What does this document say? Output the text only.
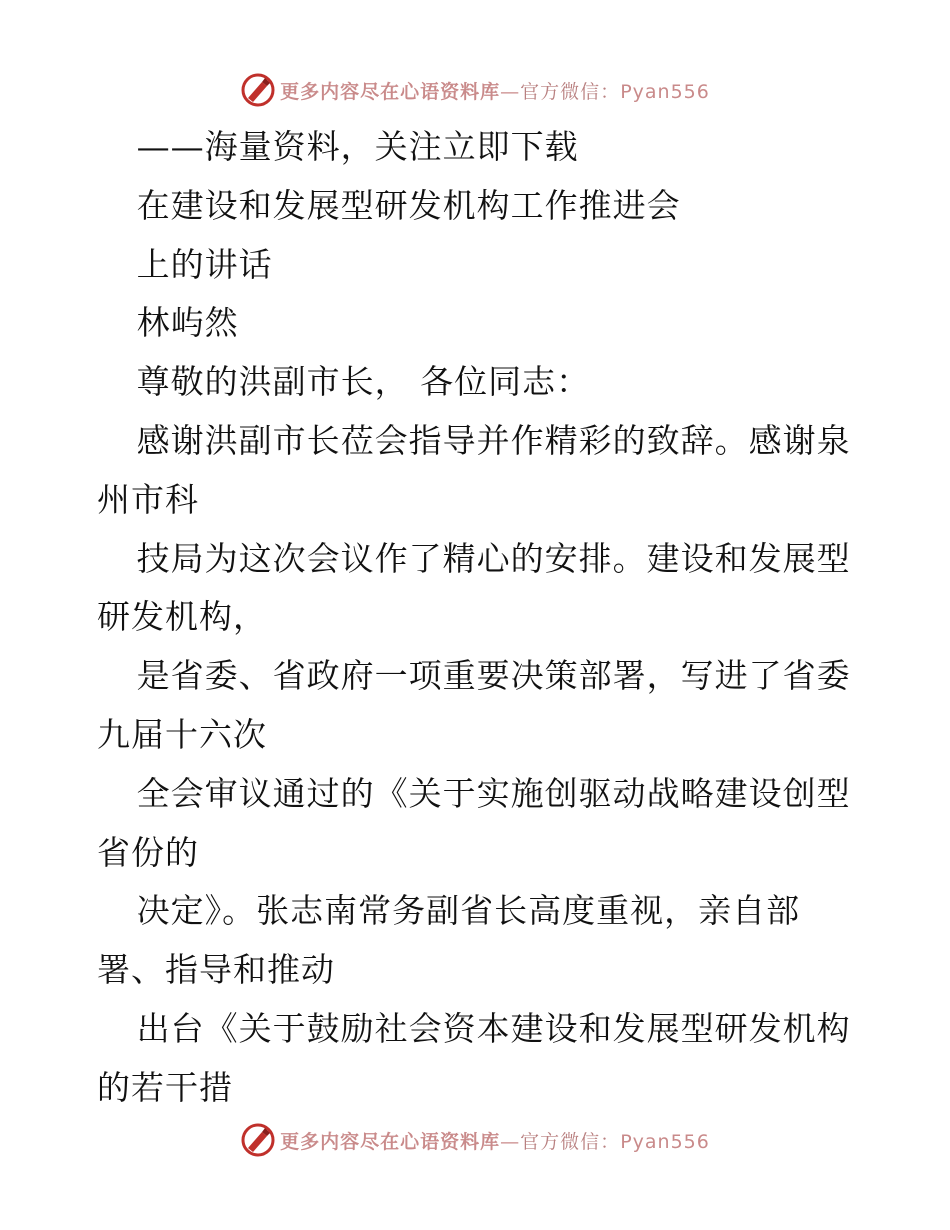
更多内容尽在心语资料库—官方微信：Pyan556
——海量资料，关注立即下载
在建设和发展型研发机构工作推进会
上的讲话
林屿然
尊敬的洪副市长， 各位同志：
感谢洪副市长莅会指导并作精彩的致辞。感谢泉州市科
技局为这次会议作了精心的安排。建设和发展型研发机构，
是省委、省政府一项重要决策部署，写进了省委九届十六次
全会审议通过的《关于实施创驱动战略建设创型省份的
决定》。张志南常务副省长高度重视，亲自部署、指导和推动
出台《关于鼓励社会资本建设和发展型研发机构的若干措
更多内容尽在心语资料库—官方微信：Pyan556
